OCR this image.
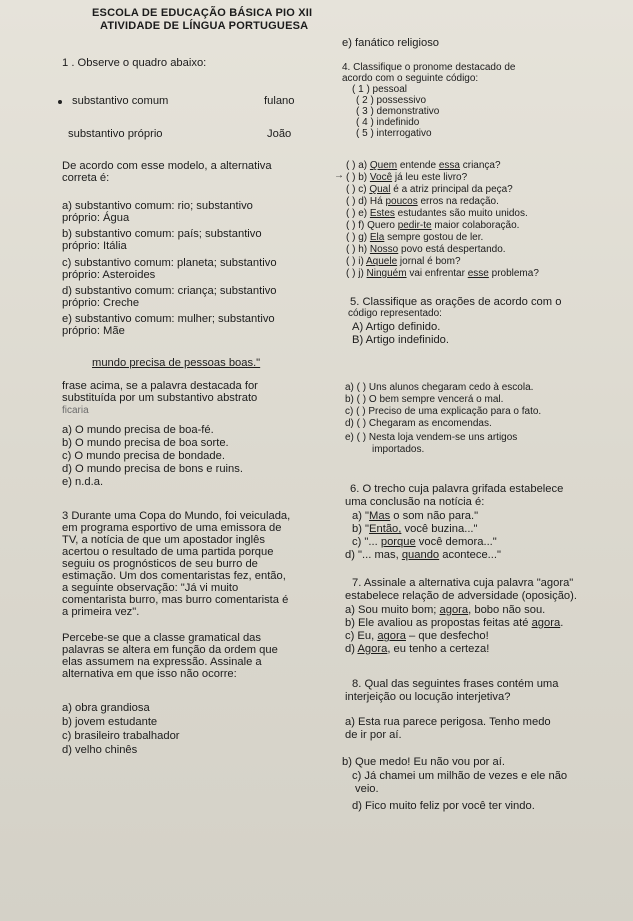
ESCOLA DE EDUCAÇÃO BÁSICA PIO XII
ATIVIDADE DE LÍNGUA PORTUGUESA
e) fanático religioso
1 . Observe o quadro abaixo:
substantivo comum	fulano
substantivo próprio	João
De acordo com esse modelo, a alternativa
correta é:
a) substantivo comum: rio; substantivo
próprio: Água
b) substantivo comum: país; substantivo
próprio: Itália
c) substantivo comum: planeta; substantivo
próprio: Asteroides
d) substantivo comum: criança; substantivo
próprio: Creche
e) substantivo comum: mulher; substantivo
próprio: Mãe
mundo precisa de pessoas boas."
frase acima, se a palavra destacada for
substituída por um substantivo abstrato
ficaria
a) O mundo precisa de boa-fé.
b) O mundo precisa de boa sorte.
c) O mundo precisa de bondade.
d) O mundo precisa de bons e ruins.
e) n.d.a.
3 Durante uma Copa do Mundo, foi veiculada,
em programa esportivo de uma emissora de
TV, a notícia de que um apostador inglês
acertou o resultado de uma partida porque
seguiu os prognósticos de seu burro de
estimação. Um dos comentaristas fez, então,
a seguinte observação: "Já vi muito
comentarista burro, mas burro comentarista é
a primeira vez".
Percebe-se que a classe gramatical das
palavras se altera em função da ordem que
elas assumem na expressão. Assinale a
alternativa em que isso não ocorre:
a) obra grandiosa
b) jovem estudante
c) brasileiro trabalhador
d) velho chinês
4. Classifique o pronome destacado de
acordo com o seguinte código:
( 1 ) pessoal
( 2 ) possessivo
( 3 ) demonstrativo
( 4 ) indefinido
( 5 ) interrogativo
→
( ) a) Quem entende essa criança?
( ) b) Você já leu este livro?
( ) c) Qual é a atriz principal da peça?
( ) d) Há poucos erros na redação.
( ) e) Estes estudantes são muito unidos.
( ) f) Quero pedir-te maior colaboração.
( ) g) Ela sempre gostou de ler.
( ) h) Nosso povo está despertando.
( ) i) Aquele jornal é bom?
( ) j) Ninguém vai enfrentar esse problema?
5. Classifique as orações de acordo com o
código representado:
A) Artigo definido.
B) Artigo indefinido.
a) ( ) Uns alunos chegaram cedo à escola.
b) ( ) O bem sempre vencerá o mal.
c) ( ) Preciso de uma explicação para o fato.
d) ( ) Chegaram as encomendas.
e) ( ) Nesta loja vendem-se uns artigos
importados.
6. O trecho cuja palavra grifada estabelece
uma conclusão na notícia é:
a) "Mas o som não para."
b) "Então, você buzina..."
c) "... porque você demora..."
d) "... mas, quando acontece..."
7. Assinale a alternativa cuja palavra "agora"
estabelece relação de adversidade (oposição).
a) Sou muito bom; agora, bobo não sou.
b) Ele avaliou as propostas feitas até agora.
c) Eu, agora – que desfecho!
d) Agora, eu tenho a certeza!
8. Qual das seguintes frases contém uma
interjeição ou locução interjetiva?
a) Esta rua parece perigosa. Tenho medo
de ir por aí.
b) Que medo! Eu não vou por aí.
c) Já chamei um milhão de vezes e ele não
veio.
d) Fico muito feliz por você ter vindo.
